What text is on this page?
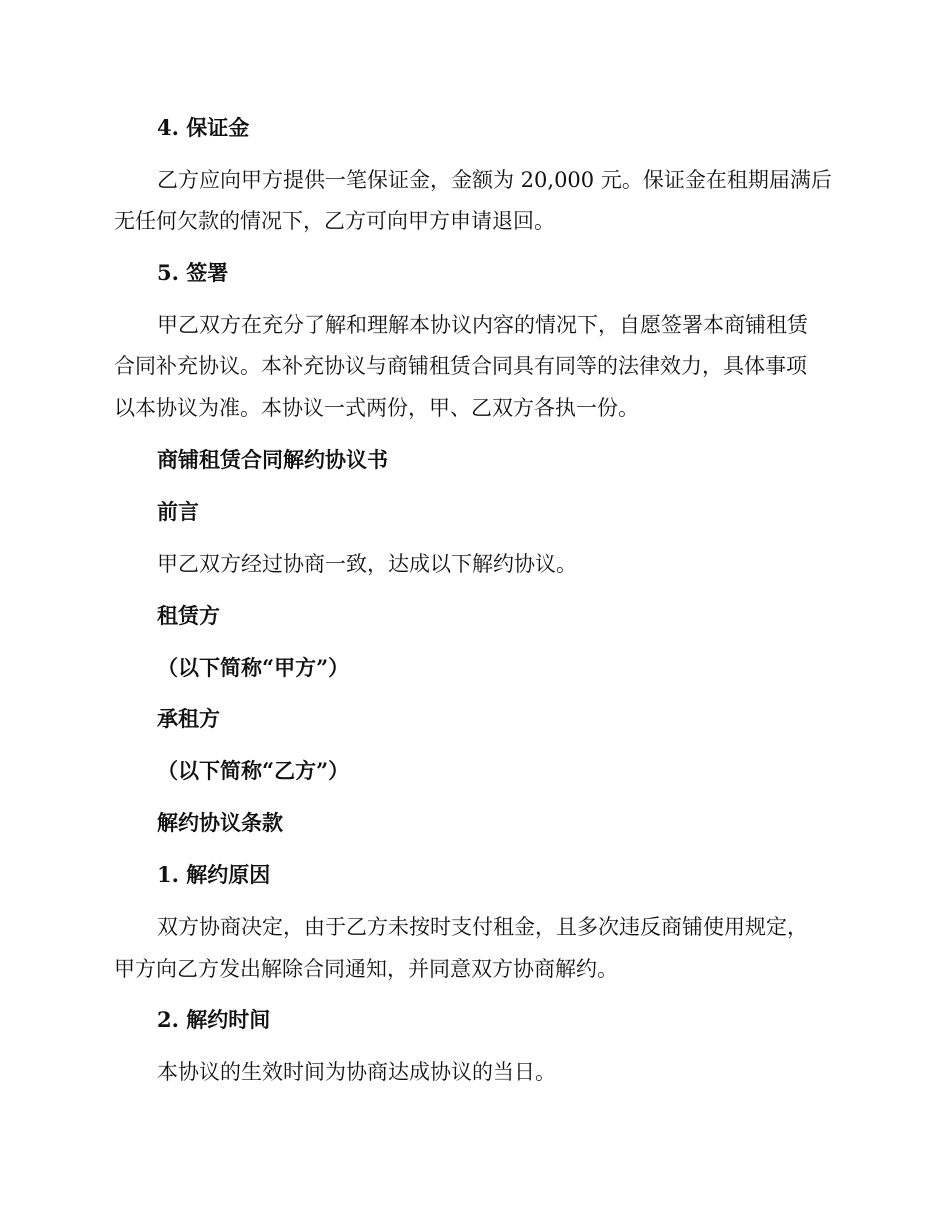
4. 保证金
乙方应向甲方提供一笔保证金，金额为 20,000 元。保证金在租期届满后
无任何欠款的情况下，乙方可向甲方申请退回。
5. 签署
甲乙双方在充分了解和理解本协议内容的情况下，自愿签署本商铺租赁
合同补充协议。本补充协议与商铺租赁合同具有同等的法律效力，具体事项
以本协议为准。本协议一式两份，甲、乙双方各执一份。
商铺租赁合同解约协议书
前言
甲乙双方经过协商一致，达成以下解约协议。
租赁方
（以下简称“甲方”）
承租方
（以下简称“乙方”）
解约协议条款
1. 解约原因
双方协商决定，由于乙方未按时支付租金，且多次违反商铺使用规定，
甲方向乙方发出解除合同通知，并同意双方协商解约。
2. 解约时间
本协议的生效时间为协商达成协议的当日。
